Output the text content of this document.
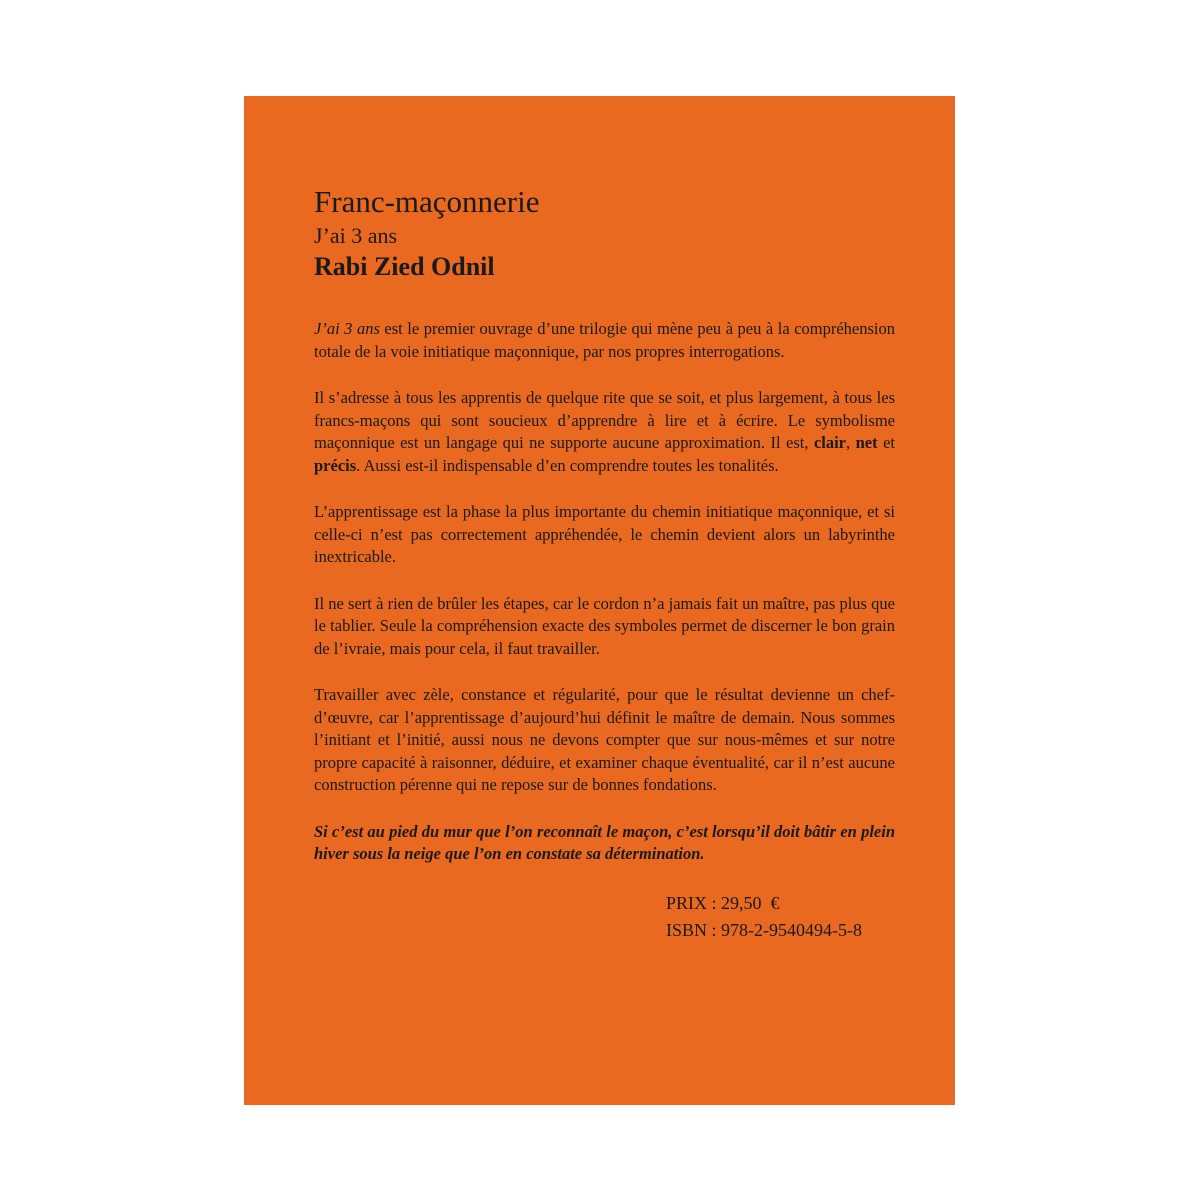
Franc-maçonnerie
J’ai 3 ans
Rabi Zied Odnil

J’ai 3 ans est le premier ouvrage d’une trilogie qui mène peu à peu à la compréhension totale de la voie initiatique maçonnique, par nos propres interrogations.

Il s’adresse à tous les apprentis de quelque rite que se soit, et plus largement, à tous les francs-maçons qui sont soucieux d’apprendre à lire et à écrire. Le symbolisme maçonnique est un langage qui ne supporte aucune approximation. Il est, clair, net et précis. Aussi est-il indispensable d’en comprendre toutes les tonalités.

L’apprentissage est la phase la plus importante du chemin initiatique maçonnique, et si celle-ci n’est pas correctement appréhendée, le chemin devient alors un labyrinthe inextricable.

Il ne sert à rien de brûler les étapes, car le cordon n’a jamais fait un maître, pas plus que le tablier. Seule la compréhension exacte des symboles permet de discerner le bon grain de l’ivraie, mais pour cela, il faut travailler.

Travailler avec zèle, constance et régularité, pour que le résultat devienne un chef-d’œuvre, car l’apprentissage d’aujourd’hui définit le maître de demain. Nous sommes l’initiant et l’initié, aussi nous ne devons compter que sur nous-mêmes et sur notre propre capacité à raisonner, déduire, et examiner chaque éventualité, car il n’est aucune construction pérenne qui ne repose sur de bonnes fondations.

Si c’est au pied du mur que l’on reconnaît le maçon, c’est lorsqu’il doit bâtir en plein hiver sous la neige que l’on en constate sa détermination.

PRIX : 29,50  €
ISBN : 978-2-9540494-5-8
